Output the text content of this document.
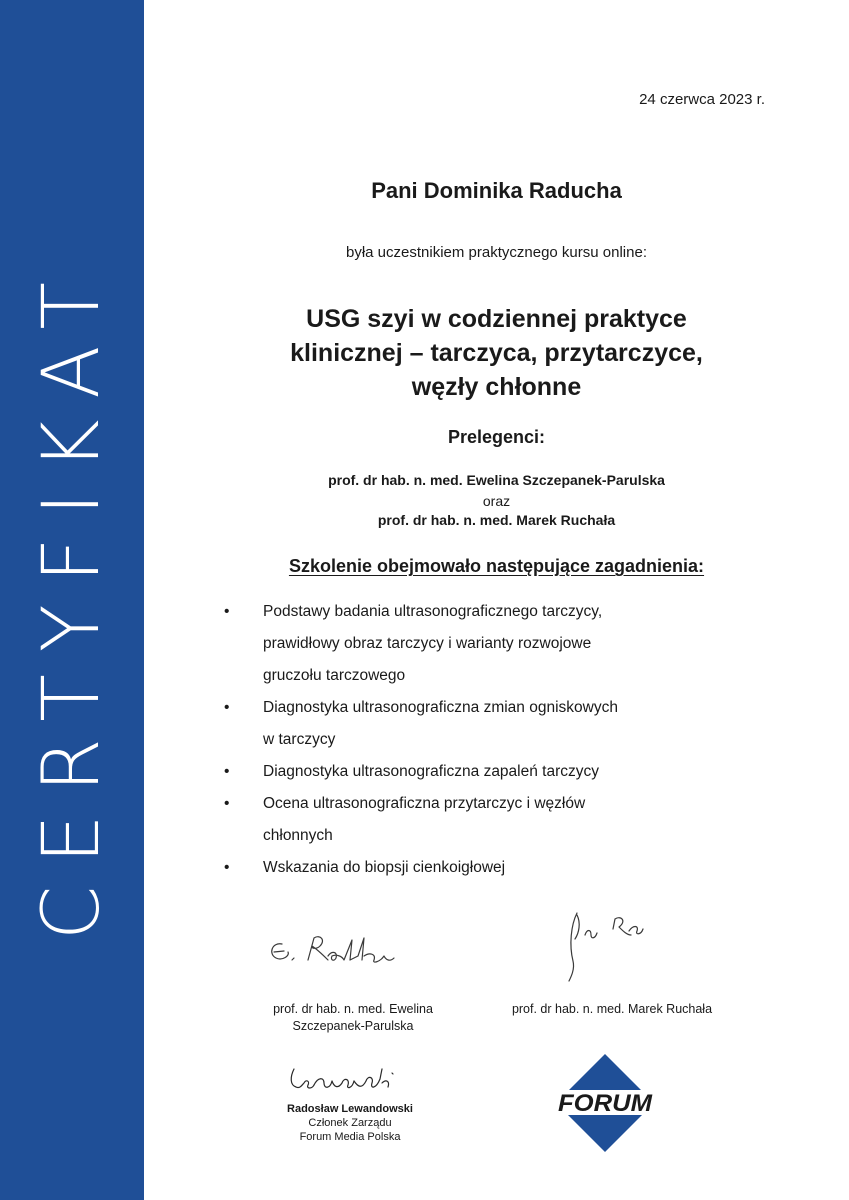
CERTYFIKAT
24 czerwca 2023 r.
Pani Dominika Raducha
była uczestnikiem praktycznego kursu online:
USG szyi w codziennej praktyce
klinicznej – tarczyca, przytarczyce,
węzły chłonne
Prelegenci:
prof. dr hab. n. med. Ewelina Szczepanek-Parulska
oraz
prof. dr hab. n. med. Marek Ruchała
Szkolenie obejmowało następujące zagadnienia:
• Podstawy badania ultrasonograficznego tarczycy,
prawidłowy obraz tarczycy i warianty rozwojowe
gruczołu tarczowego
• Diagnostyka ultrasonograficzna zmian ogniskowych
w tarczycy
• Diagnostyka ultrasonograficzna zapaleń tarczycy
• Ocena ultrasonograficzna przytarczyc i węzłów
chłonnych
• Wskazania do biopsji cienkoigłowej
prof. dr hab. n. med. Ewelina
Szczepanek-Parulska
prof. dr hab. n. med. Marek Ruchała
Radosław Lewandowski
Członek Zarządu
Forum Media Polska
FORUM
